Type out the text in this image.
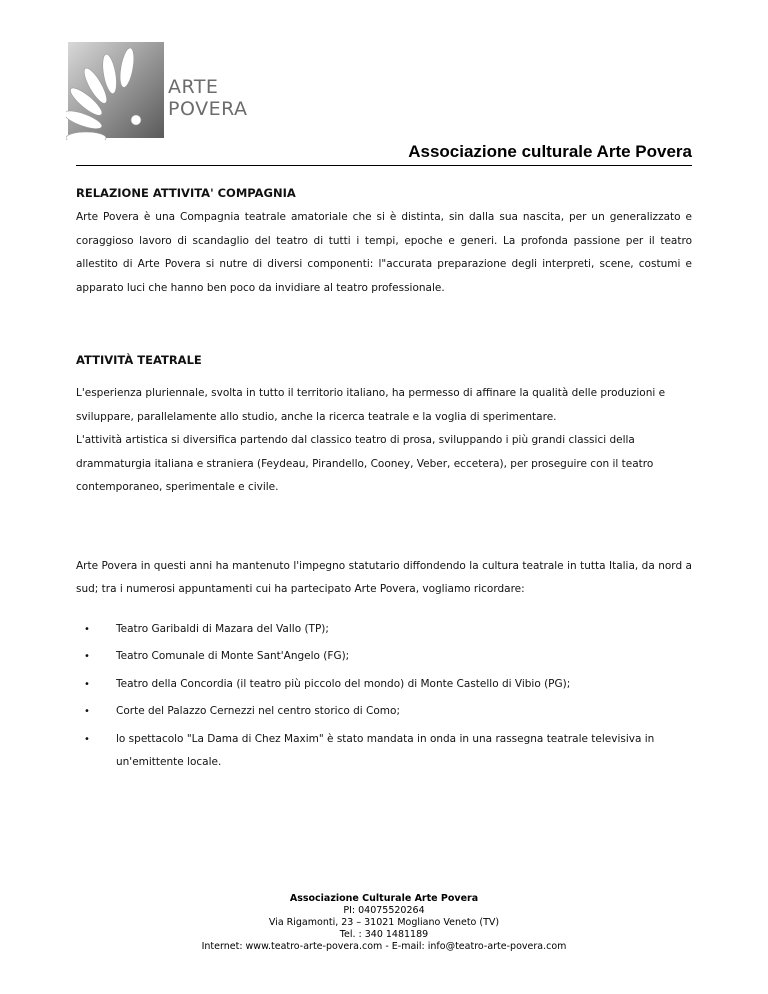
ARTE
POVERA
Associazione culturale Arte Povera

RELAZIONE ATTIVITA' COMPAGNIA

Arte Povera è una Compagnia teatrale amatoriale che si è distinta, sin dalla sua nascita, per un generalizzato e coraggioso lavoro di scandaglio del teatro di tutti i tempi, epoche e generi. La profonda passione per il teatro allestito di Arte Povera si nutre di diversi componenti: l"accurata preparazione degli interpreti, scene, costumi e apparato luci che hanno ben poco da invidiare al teatro professionale.

ATTIVITÀ TEATRALE

L'esperienza pluriennale, svolta in tutto il territorio italiano, ha permesso di affinare la qualità delle produzioni e sviluppare, parallelamente allo studio, anche la ricerca teatrale e la voglia di sperimentare.

L'attività artistica si diversifica partendo dal classico teatro di prosa, sviluppando i più grandi classici della drammaturgia italiana e straniera (Feydeau, Pirandello, Cooney, Veber, eccetera), per proseguire con il teatro contemporaneo, sperimentale e civile.

Arte Povera in questi anni ha mantenuto l'impegno statutario diffondendo la cultura teatrale in tutta Italia, da nord a sud; tra i numerosi appuntamenti cui ha partecipato Arte Povera, vogliamo ricordare:

• Teatro Garibaldi di Mazara del Vallo (TP);
• Teatro Comunale di Monte Sant'Angelo (FG);
• Teatro della Concordia (il teatro più piccolo del mondo) di Monte Castello di Vibio (PG);
• Corte del Palazzo Cernezzi nel centro storico di Como;
• lo spettacolo "La Dama di Chez Maxim" è stato mandata in onda in una rassegna teatrale televisiva in un'emittente locale.
Associazione Culturale Arte Povera
PI: 04075520264
Via Rigamonti, 23 – 31021 Mogliano Veneto (TV)
Tel. : 340 1481189
Internet: www.teatro-arte-povera.com - E-mail: info@teatro-arte-povera.com
